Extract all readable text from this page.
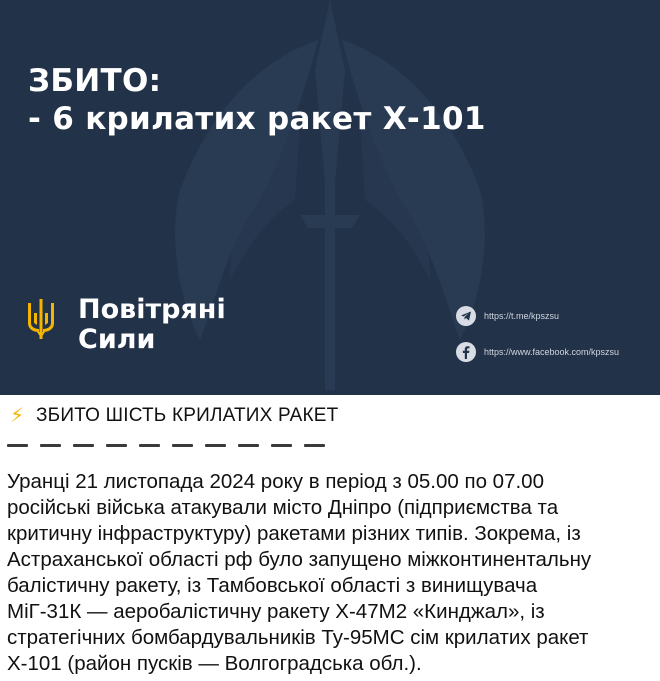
ЗБИТО:
- 6 крилатих ракет Х-101
Повітряні
Сили
https://t.me/kpszsu
https://www.facebook.com/kpszsu
⚡ ЗБИТО ШІСТЬ КРИЛАТИХ РАКЕТ
Уранці 21 листопада 2024 року в період з 05.00 по 07.00
російські війська атакували місто Дніпро (підприємства та
критичну інфраструктуру) ракетами різних типів. Зокрема, із
Астраханської області рф було запущено міжконтинентальну
балістичну ракету, із Тамбовської області з винищувача
МіГ-31К — аеробалістичну ракету Х-47М2 «Кинджал», із
стратегічних бомбардувальників Ту-95МС сім крилатих ракет
Х-101 (район пусків — Волгоградська обл.).
